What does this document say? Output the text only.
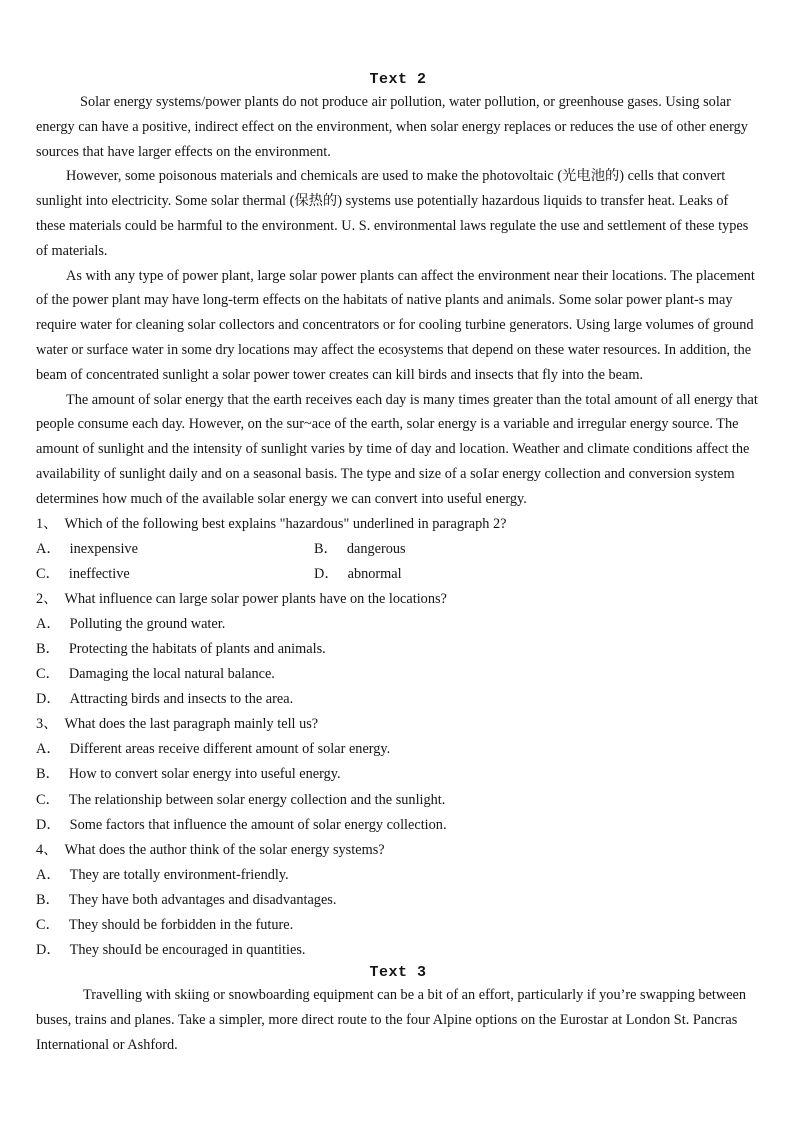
Text 2

Solar energy systems/power plants do not produce air pollution, water pollution, or greenhouse gases. Using solar energy can have a positive, indirect effect on the environment, when solar energy replaces or reduces the use of other energy sources that have larger effects on the environment.

However, some poisonous materials and chemicals are used to make the photovoltaic (光电池的) cells that convert sunlight into electricity. Some solar thermal (保热的) systems use potentially hazardous liquids to transfer heat. Leaks of these materials could be harmful to the environment. U. S. environmental laws regulate the use and settlement of these types of materials.

As with any type of power plant, large solar power plants can affect the environment near their locations. The placement of the power plant may have long-term effects on the habitats of native plants and animals. Some solar power plant-s may require water for cleaning solar collectors and concentrators or for cooling turbine generators. Using large volumes of ground water or surface water in some dry locations may affect the ecosystems that depend on these water resources. In addition, the beam of concentrated sunlight a solar power tower creates can kill birds and insects that fly into the beam.

The amount of solar energy that the earth receives each day is many times greater than the total amount of all energy that people consume each day. However, on the sur~ace of the earth, solar energy is a variable and irregular energy source. The amount of sunlight and the intensity of sunlight varies by time of day and location. Weather and climate conditions affect the availability of sunlight daily and on a seasonal basis. The type and size of a soIar energy collection and conversion system determines how much of the available solar energy we can convert into useful energy.

1、 Which of the following best explains "hazardous" underlined in paragraph 2?
A． inexpensive	B． dangerous
C． ineffective	D． abnormal
2、 What influence can large solar power plants have on the locations?
A． Polluting the ground water.
B． Protecting the habitats of plants and animals.
C． Damaging the local natural balance.
D． Attracting birds and insects to the area.
3、 What does the last paragraph mainly tell us?
A． Different areas receive different amount of solar energy.
B． How to convert solar energy into useful energy.
C． The relationship between solar energy collection and the sunlight.
D． Some factors that influence the amount of solar energy collection.
4、 What does the author think of the solar energy systems?
A． They are totally environment-friendly.
B． They have both advantages and disadvantages.
C． They should be forbidden in the future.
D． They shouId be encouraged in quantities.
Text 3

Travelling with skiing or snowboarding equipment can be a bit of an effort, particularly if you’re swapping between buses, trains and planes. Take a simpler, more direct route to the four Alpine options on the Eurostar at London St. Pancras International or Ashford.
